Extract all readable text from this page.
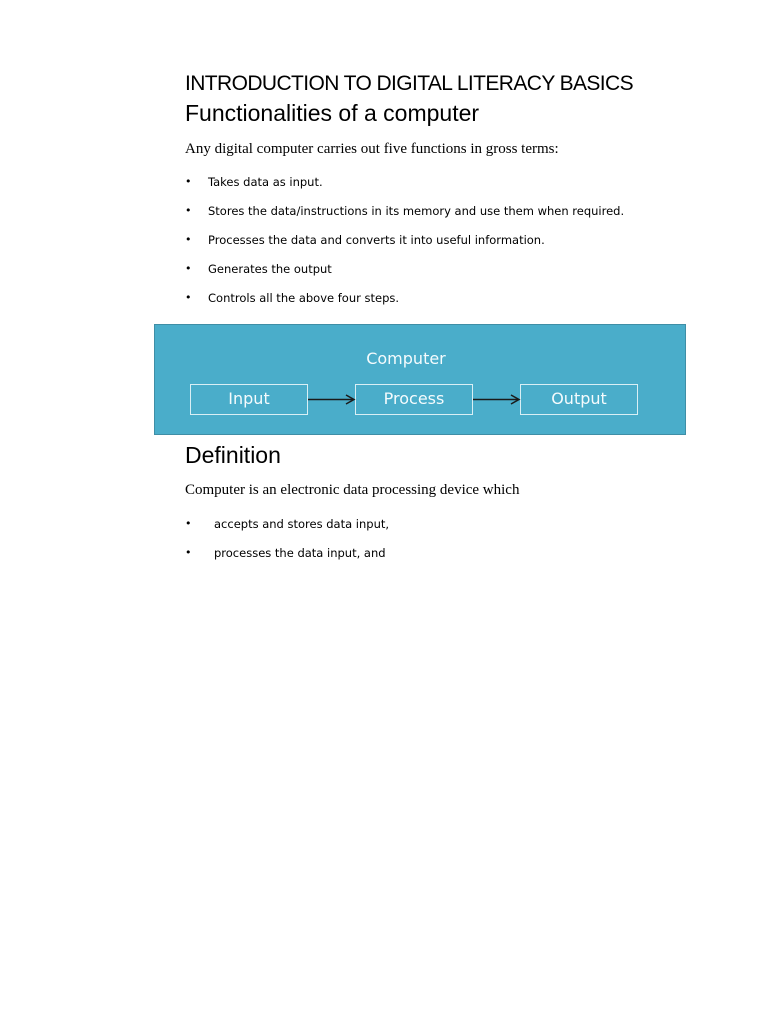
INTRODUCTION TO DIGITAL LITERACY BASICS
Functionalities of a computer

Any digital computer carries out five functions in gross terms:

• Takes data as input.
• Stores the data/instructions in its memory and use them when required.
• Processes the data and converts it into useful information.
• Generates the output
• Controls all the above four steps.
Computer
Input	Process	Output
Definition

Computer is an electronic data processing device which

• accepts and stores data input,
• processes the data input, and
